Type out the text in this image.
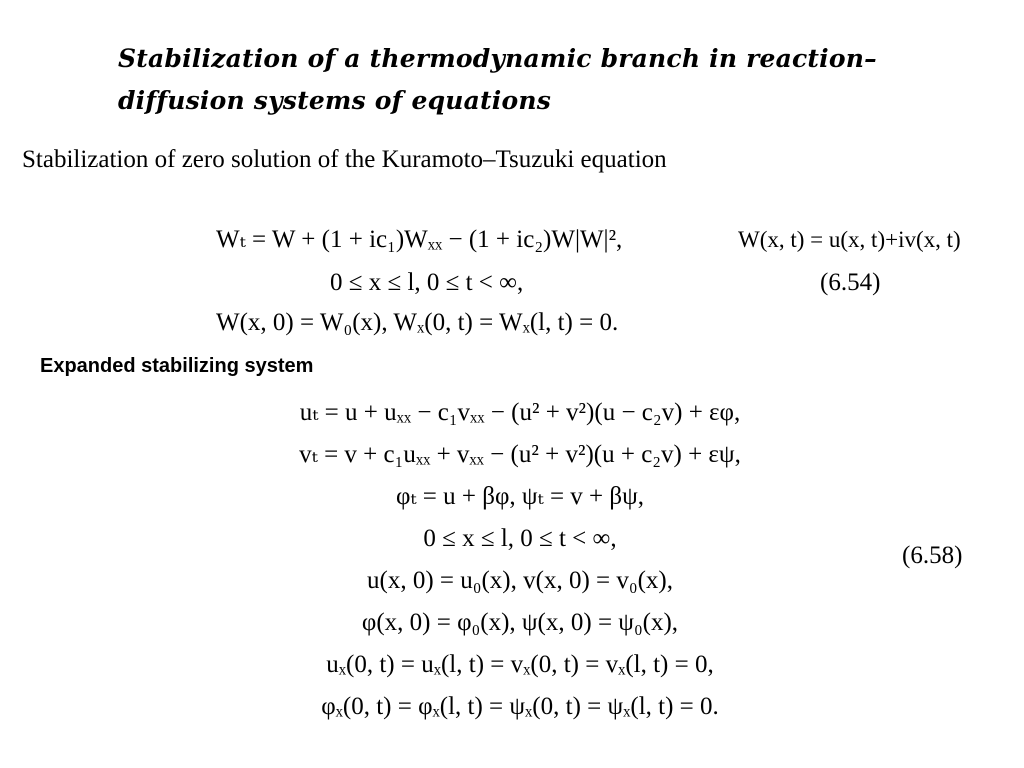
Stabilization of a thermodynamic branch in reaction–diffusion systems of equations
Stabilization of zero solution of the Kuramoto–Tsuzuki equation
Wₜ = W + (1 + ic₁)Wₓₓ − (1 + ic₂)W|W|²,	W(x, t) = u(x, t)+iv(x, t)
0 ≤ x ≤ l, 0 ≤ t < ∞,	(6.54)
W(x, 0) = W₀(x), Wₓ(0, t) = Wₓ(l, t) = 0.
Expanded stabilizing system
uₜ = u + uₓₓ − c₁vₓₓ − (u² + v²)(u − c₂v) + εφ,
vₜ = v + c₁uₓₓ + vₓₓ − (u² + v²)(u + c₂v) + εψ,
φₜ = u + βφ, ψₜ = v + βψ,
0 ≤ x ≤ l, 0 ≤ t < ∞,
u(x, 0) = u₀(x), v(x, 0) = v₀(x),
φ(x, 0) = φ₀(x), ψ(x, 0) = ψ₀(x),
uₓ(0, t) = uₓ(l, t) = vₓ(0, t) = vₓ(l, t) = 0,
φₓ(0, t) = φₓ(l, t) = ψₓ(0, t) = ψₓ(l, t) = 0.
(6.58)
